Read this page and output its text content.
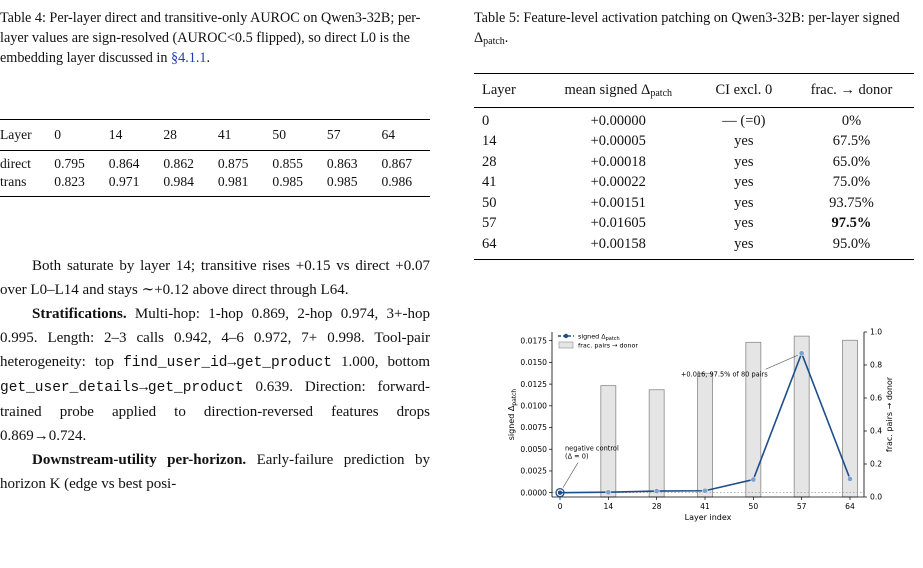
Table 4: Per-layer direct and transitive-only AUROC on Qwen3-32B; per-layer values are sign-resolved (AUROC<0.5 flipped), so direct L0 is the embedding layer discussed in §4.1.1.

Layer	0	14	28	41	50	57	64
direct	0.795	0.864	0.862	0.875	0.855	0.863	0.867
trans	0.823	0.971	0.984	0.981	0.985	0.985	0.986

Both saturate by layer 14; transitive rises +0.15 vs direct +0.07 over L0–L14 and stays ∼+0.12 above direct through L64.

Stratifications. Multi-hop: 1-hop 0.869, 2-hop 0.974, 3+-hop 0.995. Length: 2–3 calls 0.942, 4–6 0.972, 7+ 0.998. Tool-pair heterogeneity: top find_user_id→get_product 1.000, bottom get_user_details→get_product 0.639. Direction: forward-trained probe applied to direction-reversed features drops 0.869→0.724.

Downstream-utility per-horizon. Early-failure prediction by horizon K (edge vs best posi-

Table 5: Feature-level activation patching on Qwen3-32B: per-layer signed $\Delta_{patch}$.

Layer	mean signed $\Delta_{patch}$	CI excl. 0	frac. → donor
0	+0.00000	— (=0)	0%
14	+0.00005	yes	67.5%
28	+0.00018	yes	65.0%
41	+0.00022	yes	75.0%
50	+0.00151	yes	93.75%
57	+0.01605	yes	97.5%
64	+0.00158	yes	95.0%
0.0000
0.0025
0.0050
0.0075
0.0100
0.0125
0.0150
0.0175
0.0
0.2
0.4
0.6
0.8
1.0
0	14	28	41	50	57	64
Layer index
signed $\Delta_{patch}$	frac. pairs → donor
signed $\Delta_{patch}$
frac. pairs → donor
negative control
(Δ = 0)
+0.016, 97.5% of 80 pairs
